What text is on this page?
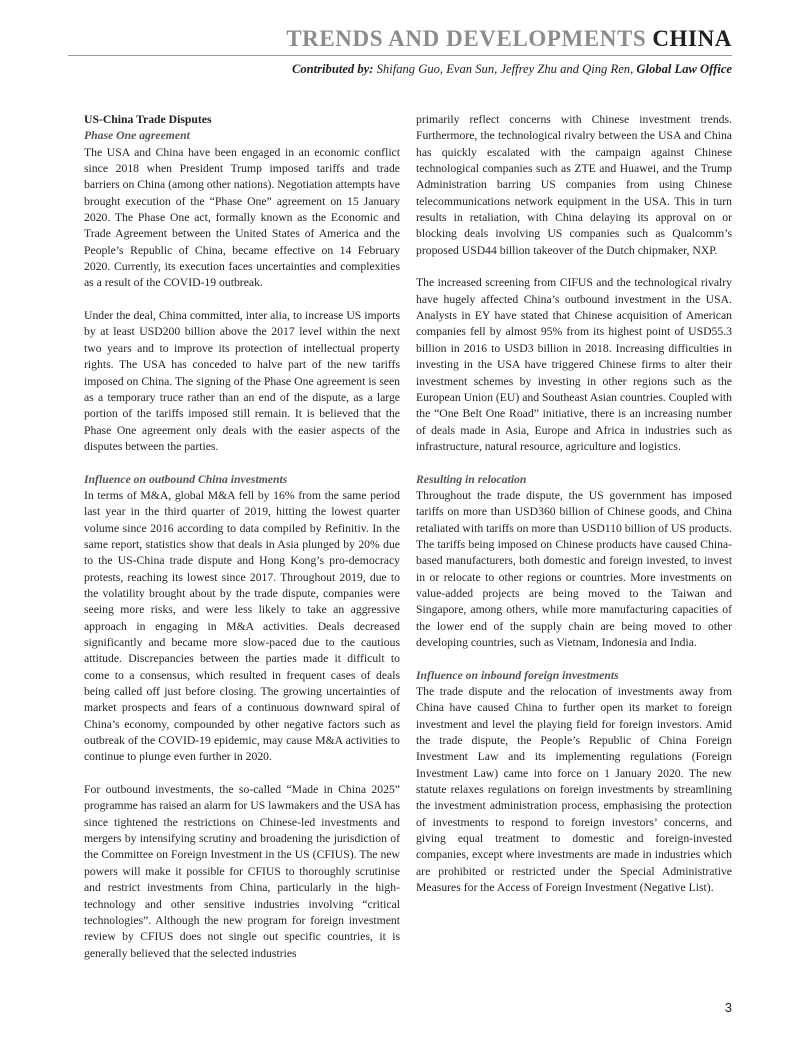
TRENDS AND DEVELOPMENTS CHINA
Contributed by: Shifang Guo, Evan Sun, Jeffrey Zhu and Qing Ren, Global Law Office
US-China Trade Disputes
Phase One agreement

The USA and China have been engaged in an economic conflict since 2018 when President Trump imposed tariffs and trade barriers on China (among other nations). Negotiation attempts have brought execution of the “Phase One” agreement on 15 January 2020. The Phase One act, formally known as the Economic and Trade Agreement between the United States of America and the People’s Republic of China, became effective on 14 February 2020. Currently, its execution faces uncertainties and complexities as a result of the COVID-19 outbreak.

Under the deal, China committed, inter alia, to increase US imports by at least USD200 billion above the 2017 level within the next two years and to improve its protection of intellectual property rights. The USA has conceded to halve part of the new tariffs imposed on China. The signing of the Phase One agreement is seen as a temporary truce rather than an end of the dispute, as a large portion of the tariffs imposed still remain. It is believed that the Phase One agreement only deals with the easier aspects of the disputes between the parties.

Influence on outbound China investments

In terms of M&A, global M&A fell by 16% from the same period last year in the third quarter of 2019, hitting the lowest quarter volume since 2016 according to data compiled by Refinitiv. In the same report, statistics show that deals in Asia plunged by 20% due to the US-China trade dispute and Hong Kong’s pro-democracy protests, reaching its lowest since 2017. Throughout 2019, due to the volatility brought about by the trade dispute, companies were seeing more risks, and were less likely to take an aggressive approach in engaging in M&A activities. Deals decreased significantly and became more slow-paced due to the cautious attitude. Discrepancies between the parties made it difficult to come to a consensus, which resulted in frequent cases of deals being called off just before closing. The growing uncertainties of market prospects and fears of a continuous downward spiral of China’s economy, compounded by other negative factors such as outbreak of the COVID-19 epidemic, may cause M&A activities to continue to plunge even further in 2020.

For outbound investments, the so-called “Made in China 2025” programme has raised an alarm for US lawmakers and the USA has since tightened the restrictions on Chinese-led investments and mergers by intensifying scrutiny and broadening the jurisdiction of the Committee on Foreign Investment in the US (CFIUS). The new powers will make it possible for CFIUS to thoroughly scrutinise and restrict investments from China, particularly in the high-technology and other sensitive industries involving “critical technologies”. Although the new program for foreign investment review by CFIUS does not single out specific countries, it is generally believed that the selected industries

primarily reflect concerns with Chinese investment trends. Furthermore, the technological rivalry between the USA and China has quickly escalated with the campaign against Chinese technological companies such as ZTE and Huawei, and the Trump Administration barring US companies from using Chinese telecommunications network equipment in the USA. This in turn results in retaliation, with China delaying its approval on or blocking deals involving US companies such as Qualcomm’s proposed USD44 billion takeover of the Dutch chipmaker, NXP.

The increased screening from CIFUS and the technological rivalry have hugely affected China’s outbound investment in the USA. Analysts in EY have stated that Chinese acquisition of American companies fell by almost 95% from its highest point of USD55.3 billion in 2016 to USD3 billion in 2018. Increasing difficulties in investing in the USA have triggered Chinese firms to alter their investment schemes by investing in other regions such as the European Union (EU) and Southeast Asian countries. Coupled with the “One Belt One Road” initiative, there is an increasing number of deals made in Asia, Europe and Africa in industries such as infrastructure, natural resource, agriculture and logistics.

Resulting in relocation

Throughout the trade dispute, the US government has imposed tariffs on more than USD360 billion of Chinese goods, and China retaliated with tariffs on more than USD110 billion of US products. The tariffs being imposed on Chinese products have caused China-based manufacturers, both domestic and foreign invested, to invest in or relocate to other regions or countries. More investments on value-added projects are being moved to the Taiwan and Singapore, among others, while more manufacturing capacities of the lower end of the supply chain are being moved to other developing countries, such as Vietnam, Indonesia and India.

Influence on inbound foreign investments

The trade dispute and the relocation of investments away from China have caused China to further open its market to foreign investment and level the playing field for foreign investors. Amid the trade dispute, the People’s Republic of China Foreign Investment Law and its implementing regulations (Foreign Investment Law) came into force on 1 January 2020. The new statute relaxes regulations on foreign investments by streamlining the investment administration process, emphasising the protection of investments to respond to foreign investors’ concerns, and giving equal treatment to domestic and foreign-invested companies, except where investments are made in industries which are prohibited or restricted under the Special Administrative Measures for the Access of Foreign Investment (Negative List).

3
